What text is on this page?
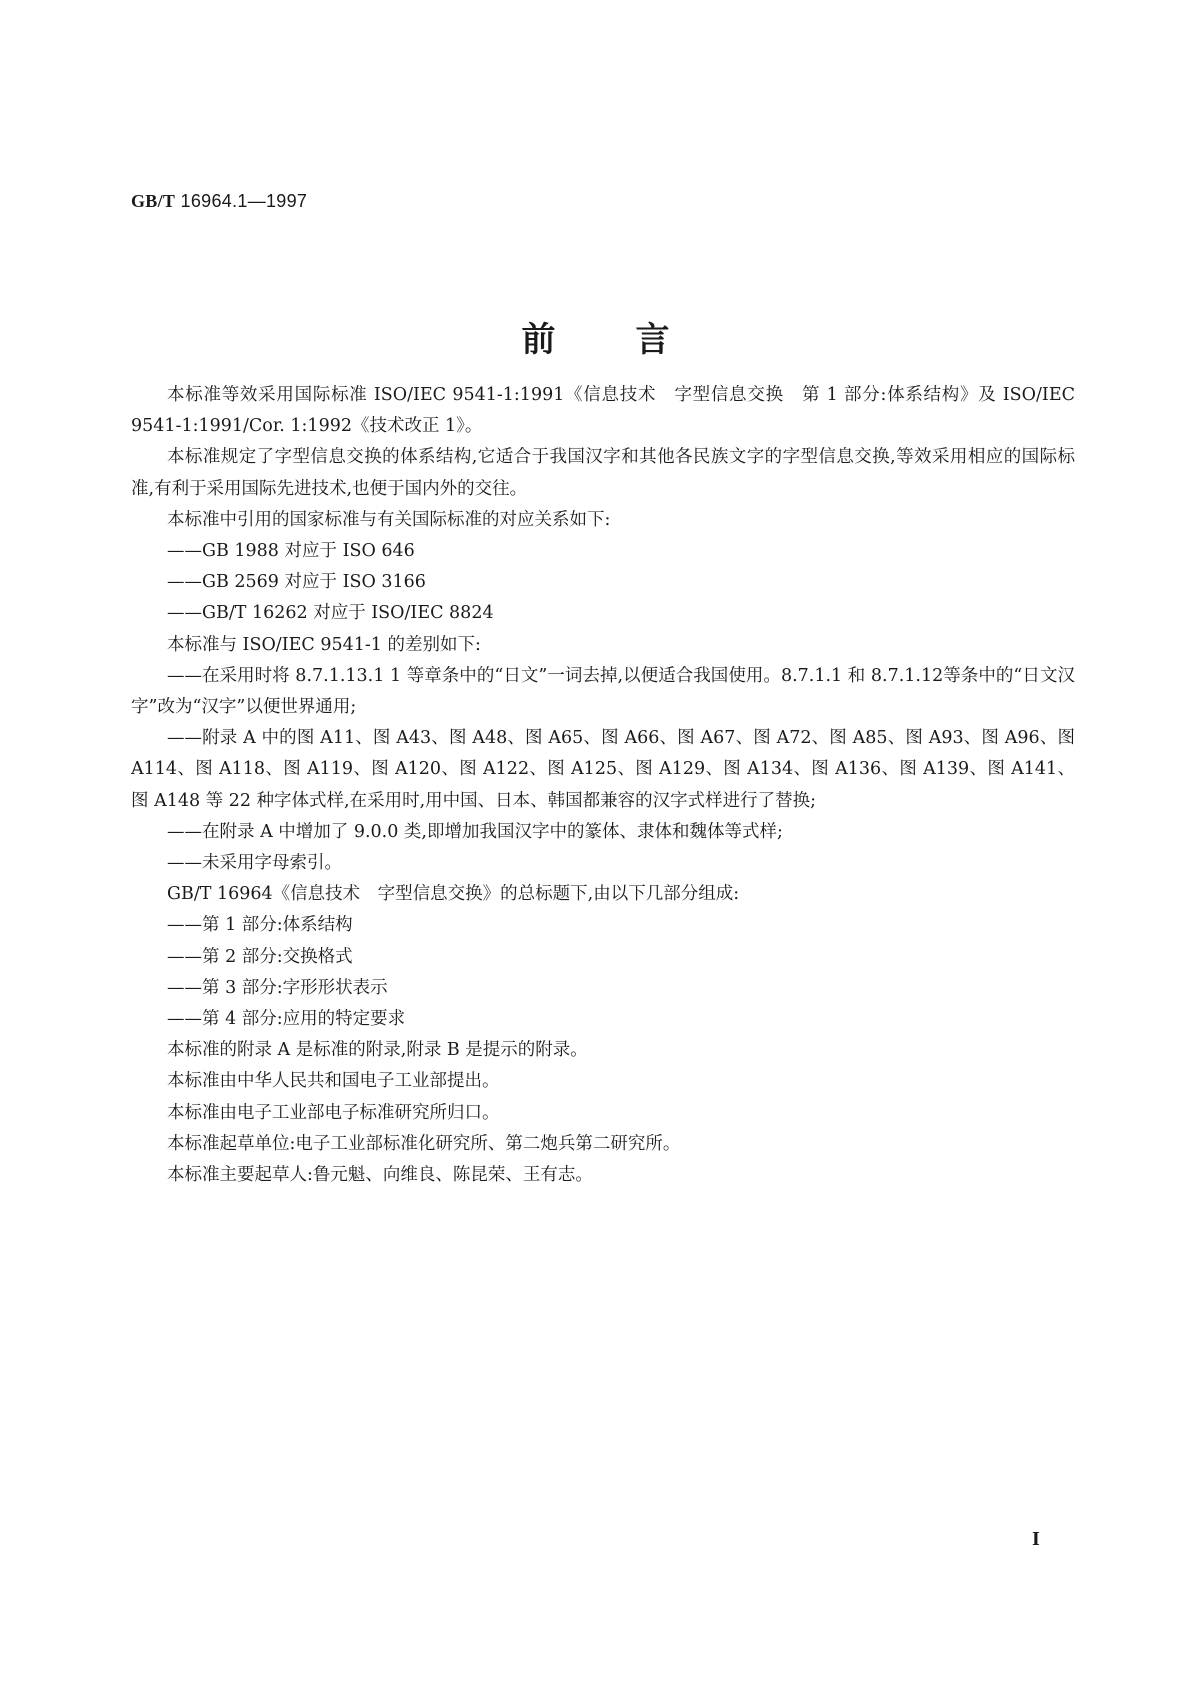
GB/T 16964.1—1997
前言

本标准等效采用国际标准 ISO/IEC 9541-1:1991《信息技术　字型信息交换　第 1 部分:体系结构》及 ISO/IEC 9541-1:1991/Cor. 1:1992《技术改正 1》。

本标准规定了字型信息交换的体系结构,它适合于我国汉字和其他各民族文字的字型信息交换,等效采用相应的国际标准,有利于采用国际先进技术,也便于国内外的交往。

本标准中引用的国家标准与有关国际标准的对应关系如下:

——GB 1988 对应于 ISO 646

——GB 2569 对应于 ISO 3166

——GB/T 16262 对应于 ISO/IEC 8824

本标准与 ISO/IEC 9541-1 的差别如下:

——在采用时将 8.7.1.13.1 1 等章条中的“日文”一词去掉,以便适合我国使用。8.7.1.1 和 8.7.1.12等条中的“日文汉字”改为“汉字”以便世界通用;

——附录 A 中的图 A11、图 A43、图 A48、图 A65、图 A66、图 A67、图 A72、图 A85、图 A93、图 A96、图 A114、图 A118、图 A119、图 A120、图 A122、图 A125、图 A129、图 A134、图 A136、图 A139、图 A141、图 A148 等 22 种字体式样,在采用时,用中国、日本、韩国都兼容的汉字式样进行了替换;

——在附录 A 中增加了 9.0.0 类,即增加我国汉字中的篆体、隶体和魏体等式样;

——未采用字母索引。

GB/T 16964《信息技术　字型信息交换》的总标题下,由以下几部分组成:

——第 1 部分:体系结构

——第 2 部分:交换格式

——第 3 部分:字形形状表示

——第 4 部分:应用的特定要求

本标准的附录 A 是标准的附录,附录 B 是提示的附录。

本标准由中华人民共和国电子工业部提出。

本标准由电子工业部电子标准研究所归口。

本标准起草单位:电子工业部标准化研究所、第二炮兵第二研究所。

本标准主要起草人:鲁元魁、向维良、陈昆荣、王有志。

I
